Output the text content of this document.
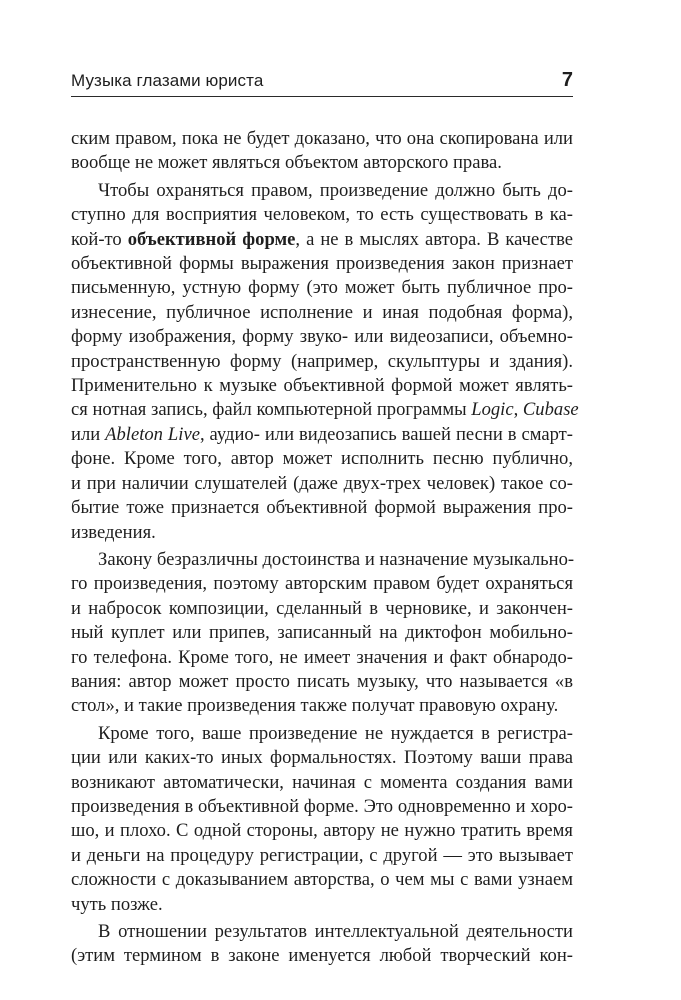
Музыка глазами юриста	7
ским правом, пока не будет доказано, что она скопирована или
вообще не может являться объектом авторского права.
Чтобы охраняться правом, произведение должно быть до-
ступно для восприятия человеком, то есть существовать в ка-
кой-то объективной форме, а не в мыслях автора. В качестве
объективной формы выражения произведения закон признает
письменную, устную форму (это может быть публичное про-
изнесение, публичное исполнение и иная подобная форма),
форму изображения, форму звуко- или видеозаписи, объемно-
пространственную форму (например, скульптуры и здания).
Применительно к музыке объективной формой может являть-
ся нотная запись, файл компьютерной программы Logic, Cubase
или Ableton Live, аудио- или видеозапись вашей песни в смарт-
фоне. Кроме того, автор может исполнить песню публично,
и при наличии слушателей (даже двух-трех человек) такое со-
бытие тоже признается объективной формой выражения про-
изведения.
Закону безразличны достоинства и назначение музыкально-
го произведения, поэтому авторским правом будет охраняться
и набросок композиции, сделанный в черновике, и закончен-
ный куплет или припев, записанный на диктофон мобильно-
го телефона. Кроме того, не имеет значения и факт обнародо-
вания: автор может просто писать музыку, что называется «в
стол», и такие произведения также получат правовую охрану.
Кроме того, ваше произведение не нуждается в регистра-
ции или каких-то иных формальностях. Поэтому ваши права
возникают автоматически, начиная с момента создания вами
произведения в объективной форме. Это одновременно и хоро-
шо, и плохо. С одной стороны, автору не нужно тратить время
и деньги на процедуру регистрации, с другой — это вызывает
сложности с доказыванием авторства, о чем мы с вами узнаем
чуть позже.
В отношении результатов интеллектуальной деятельности
(этим термином в законе именуется любой творческий кон-
